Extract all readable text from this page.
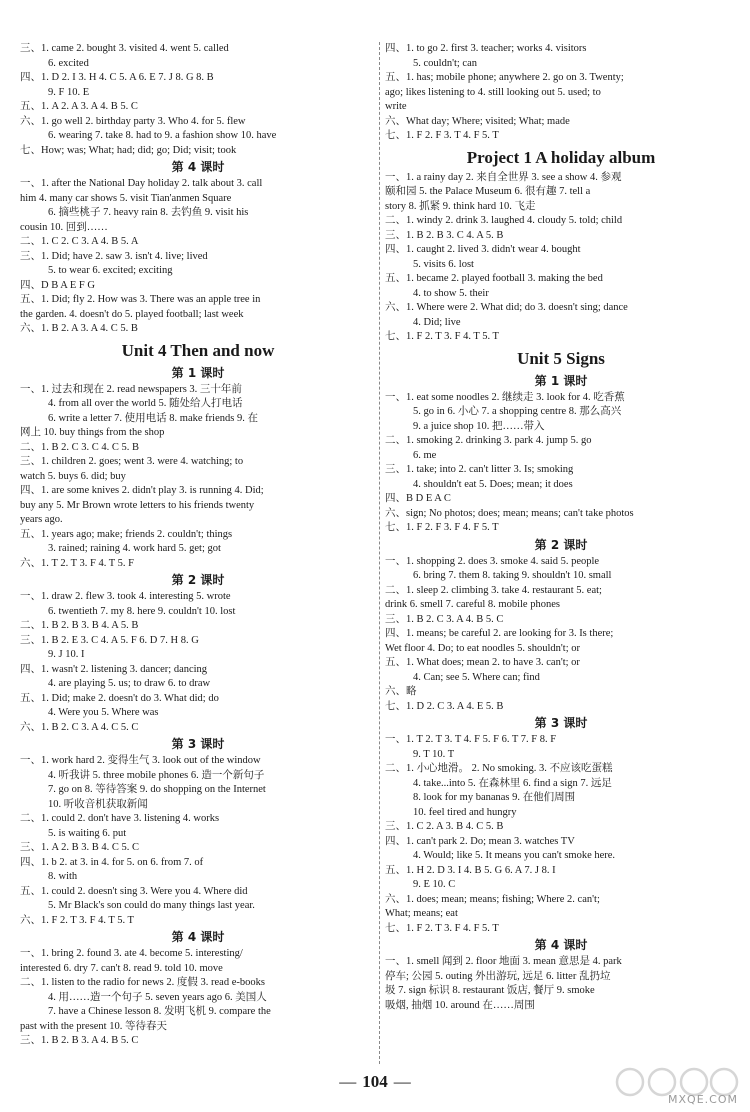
三、1. came 2. bought 3. visited 4. went 5. called
6. excited
四、1. D 2. I 3. H 4. C 5. A 6. E 7. J 8. G 8. B
9. F 10. E
五、1. A 2. A 3. A 4. B 5. C
六、1. go well 2. birthday party 3. Who 4. for 5. flew
6. wearing 7. take 8. had to 9. a fashion show 10. have
七、How; was; What; had; did; go; Did; visit; took
第 4 课时
一、1. after the National Day holiday 2. talk about 3. call
him 4. many car shows 5. visit Tian'anmen Square
6. 摘些桃子 7. heavy rain 8. 去钓鱼 9. visit his
cousin 10. 回到……
二、1. C 2. C 3. A 4. B 5. A
三、1. Did; have 2. saw 3. isn't 4. live; lived
5. to wear 6. excited; exciting
四、D B A E F G
五、1. Did; fly 2. How was 3. There was an apple tree in
the garden. 4. doesn't do 5. played football; last week
六、1. B 2. A 3. A 4. C 5. B
Unit 4 Then and now
第 1 课时
一、1. 过去和现在 2. read newspapers 3. 三十年前
4. from all over the world 5. 随处给人打电话
6. write a letter 7. 使用电话 8. make friends 9. 在
网上 10. buy things from the shop
二、1. B 2. C 3. C 4. C 5. B
三、1. children 2. goes; went 3. were 4. watching; to
watch 5. buys 6. did; buy
四、1. are some knives 2. didn't play 3. is running 4. Did;
buy any 5. Mr Brown wrote letters to his friends twenty
years ago.
五、1. years ago; make; friends 2. couldn't; things
3. rained; raining 4. work hard 5. get; got
六、1. T 2. T 3. F 4. T 5. F
第 2 课时
一、1. draw 2. flew 3. took 4. interesting 5. wrote
6. twentieth 7. my 8. here 9. couldn't 10. lost
二、1. B 2. B 3. B 4. A 5. B
三、1. B 2. E 3. C 4. A 5. F 6. D 7. H 8. G
9. J 10. I
四、1. wasn't 2. listening 3. dancer; dancing
4. are playing 5. us; to draw 6. to draw
五、1. Did; make 2. doesn't do 3. What did; do
4. Were you 5. Where was
六、1. B 2. C 3. A 4. C 5. C
第 3 课时
一、1. work hard 2. 变得生气 3. look out of the window
4. 听我讲 5. three mobile phones 6. 造一个新句子
7. go on 8. 等待答案 9. do shopping on the Internet
10. 听收音机获取新闻
二、1. could 2. don't have 3. listening 4. works
5. is waiting 6. put
三、1. A 2. B 3. B 4. C 5. C
四、1. b 2. at 3. in 4. for 5. on 6. from 7. of
8. with
五、1. could 2. doesn't sing 3. Were you 4. Where did
5. Mr Black's son could do many things last year.
六、1. F 2. T 3. F 4. T 5. T
第 4 课时
一、1. bring 2. found 3. ate 4. become 5. interesting/
interested 6. dry 7. can't 8. read 9. told 10. move
二、1. listen to the radio for news 2. 度假 3. read e-books
4. 用……造一个句子 5. seven years ago 6. 美国人
7. have a Chinese lesson 8. 发明飞机 9. compare the
past with the present 10. 等待春天
三、1. B 2. B 3. A 4. B 5. C
四、1. to go 2. first 3. teacher; works 4. visitors
5. couldn't; can
五、1. has; mobile phone; anywhere 2. go on 3. Twenty;
ago; likes listening to 4. still looking out 5. used; to
write
六、What day; Where; visited; What; made
七、1. F 2. F 3. T 4. F 5. T
Project 1 A holiday album
一、1. a rainy day 2. 来自全世界 3. see a show 4. 参观
颐和园 5. the Palace Museum 6. 很有趣 7. tell a
story 8. 抓紧 9. think hard 10. 飞走
二、1. windy 2. drink 3. laughed 4. cloudy 5. told; child
三、1. B 2. B 3. C 4. A 5. B
四、1. caught 2. lived 3. didn't wear 4. bought
5. visits 6. lost
五、1. became 2. played football 3. making the bed
4. to show 5. their
六、1. Where were 2. What did; do 3. doesn't sing; dance
4. Did; live
七、1. F 2. T 3. F 4. T 5. T
Unit 5 Signs
第 1 课时
一、1. eat some noodles 2. 继续走 3. look for 4. 吃香蕉
5. go in 6. 小心 7. a shopping centre 8. 那么高兴
9. a juice shop 10. 把……带入
二、1. smoking 2. drinking 3. park 4. jump 5. go
6. me
三、1. take; into 2. can't litter 3. Is; smoking
4. shouldn't eat 5. Does; mean; it does
四、B D E A C
六、sign; No photos; does; mean; means; can't take photos
七、1. F 2. F 3. F 4. F 5. T
第 2 课时
一、1. shopping 2. does 3. smoke 4. said 5. people
6. bring 7. them 8. taking 9. shouldn't 10. small
二、1. sleep 2. climbing 3. take 4. restaurant 5. eat;
drink 6. smell 7. careful 8. mobile phones
三、1. B 2. C 3. A 4. B 5. C
四、1. means; be careful 2. are looking for 3. Is there;
Wet floor 4. Do; to eat noodles 5. shouldn't; or
五、1. What does; mean 2. to have 3. can't; or
4. Can; see 5. Where can; find
六、略
七、1. D 2. C 3. A 4. E 5. B
第 3 课时
一、1. T 2. T 3. T 4. F 5. F 6. T 7. F 8. F
9. T 10. T
二、1. 小心地滑。 2. No smoking. 3. 不应该吃蛋糕
4. take...into 5. 在森林里 6. find a sign 7. 远足
8. look for my bananas 9. 在他们周围
10. feel tired and hungry
三、1. C 2. A 3. B 4. C 5. B
四、1. can't park 2. Do; mean 3. watches TV
4. Would; like 5. It means you can't smoke here.
五、1. H 2. D 3. I 4. B 5. G 6. A 7. J 8. I
9. E 10. C
六、1. does; mean; means; fishing; Where 2. can't;
What; means; eat
七、1. F 2. T 3. F 4. F 5. T
第 4 课时
一、1. smell 闻到 2. floor 地面 3. mean 意思是 4. park
停车; 公园 5. outing 外出游玩, 远足 6. litter 乱扔垃
圾 7. sign 标识 8. restaurant 饭店, 餐厅 9. smoke
吸烟, 抽烟 10. around 在……周围
— 104 —
MXQE.COM
